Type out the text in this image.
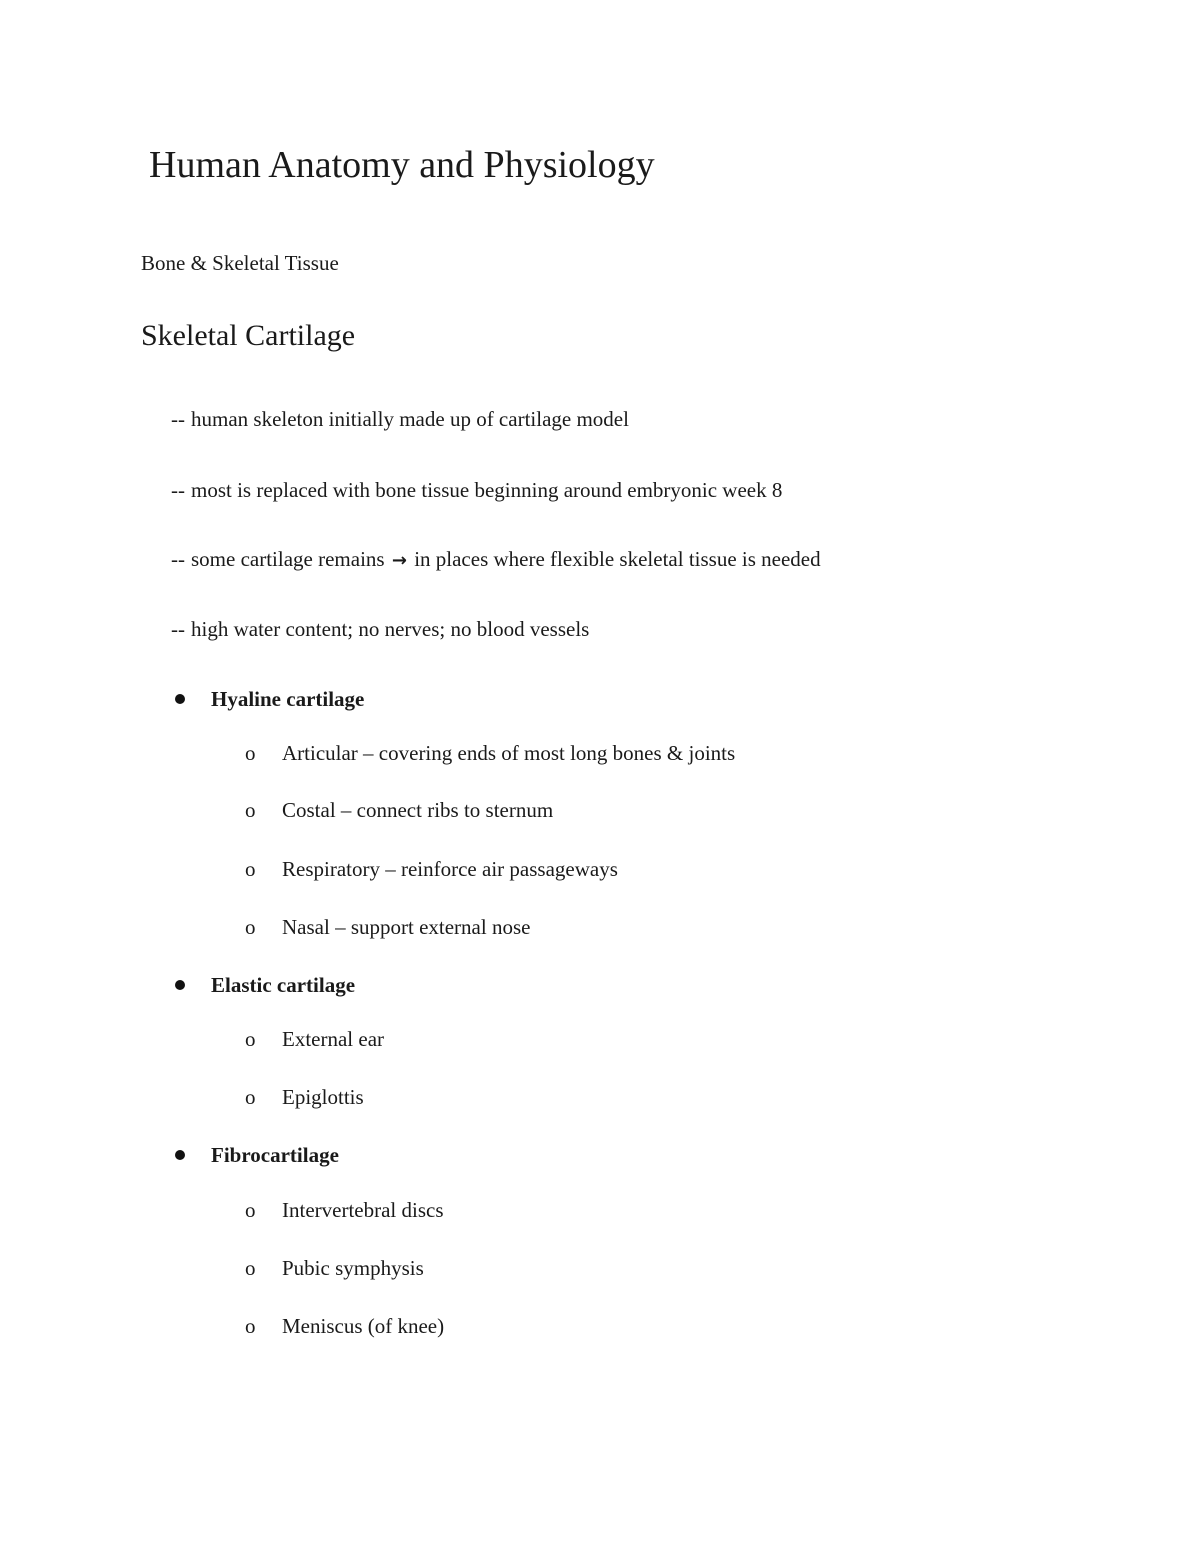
Human Anatomy and Physiology
Bone & Skeletal Tissue
Skeletal Cartilage
-- human skeleton initially made up of cartilage model
-- most is replaced with bone tissue beginning around embryonic week 8
-- some cartilage remains → in places where flexible skeletal tissue is needed
-- high water content; no nerves; no blood vessels
Hyaline cartilage
o Articular – covering ends of most long bones & joints
o Costal – connect ribs to sternum
o Respiratory – reinforce air passageways
o Nasal – support external nose
Elastic cartilage
o External ear
o Epiglottis
Fibrocartilage
o Intervertebral discs
o Pubic symphysis
o Meniscus (of knee)
